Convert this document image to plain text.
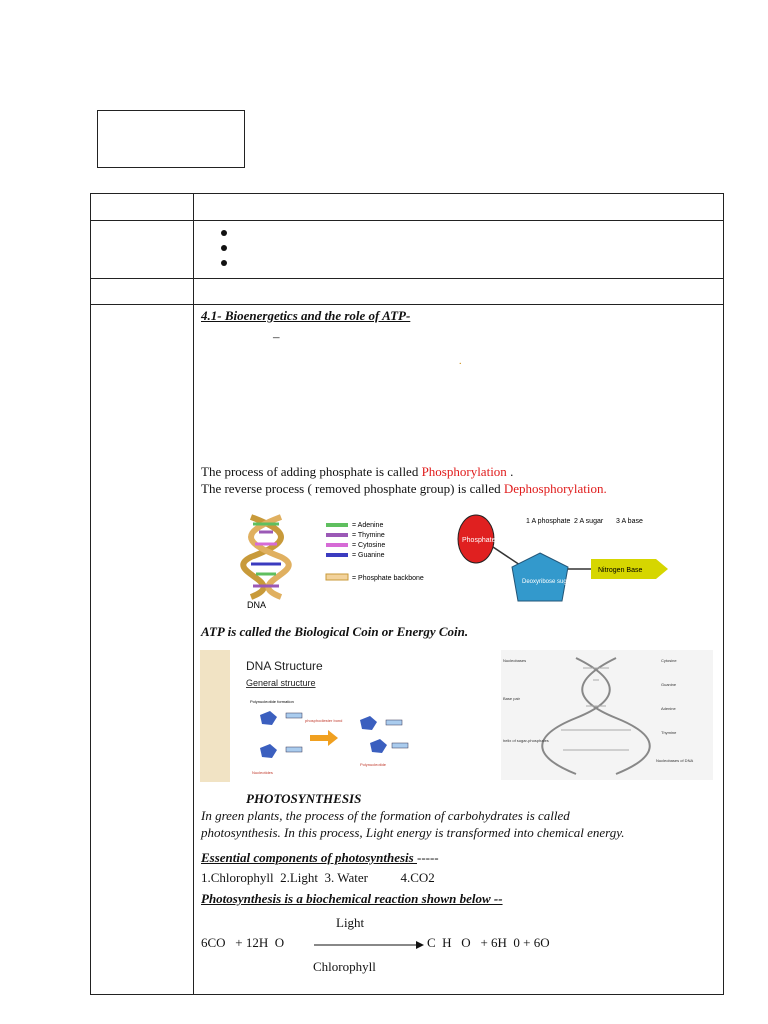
4.1- Bioenergetics and the role of ATP-
–
.
The process of adding phosphate is called Phosphorylation .
The reverse process ( removed phosphate group) is called Dephosphorylation.
DNA
= Adenine
= Thymine
= Cytosine
= Guanine
= Phosphate backbone
1 A phosphate 2 A sugar 3 A base
Phosphate
Deoxyribose sugar
Nitrogen Base
ATP is called the Biological Coin or Energy Coin.
DNA Structure
General structure
Polynucleotide formation
phosphodiester bond
Nucleotides
Polynucleotide
Nucleobases
Base pair
helix of sugar-phosphates
Cytosine
Guanine
Adenine
Thymine
Nucleobases of DNA
PHOTOSYNTHESIS
In green plants, the process of the formation of carbohydrates is called
photosynthesis. In this process, Light energy is transformed into chemical energy.
Essential components of photosynthesis -----
1.Chlorophyll  2.Light  3. Water          4.CO2
Photosynthesis is a biochemical reaction shown below --
Light
6CO   + 12H  O	C  H   O   + 6H  0 + 6O
Chlorophyll
